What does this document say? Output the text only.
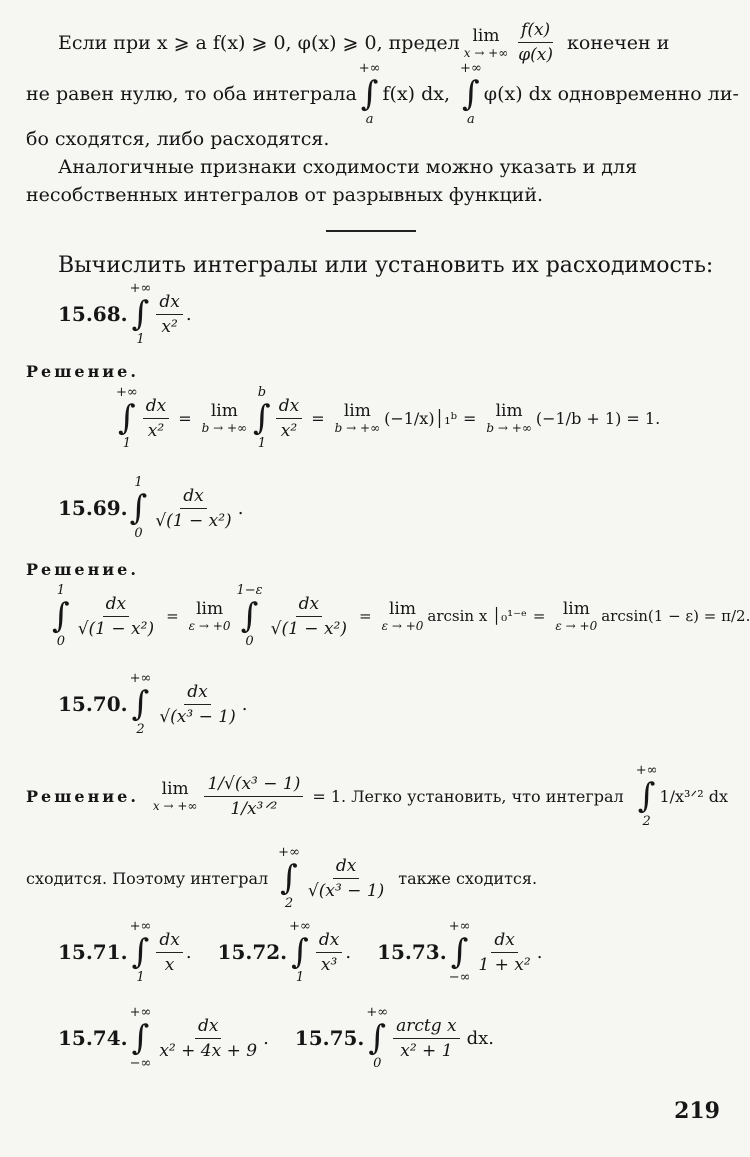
Если при x ⩾ a f(x) ⩾ 0, φ(x) ⩾ 0, предел lim
x → +∞ $\frac{f(x)}{\varphi(x)}$ конечен и
не равен нулю, то оба интеграла
+∞
∫
a
f(x) dx,
+∞
∫
a
φ(x) dx одновременно ли-
бо сходятся, либо расходятся.
Аналогичные признаки сходимости можно указать и для несобственных интегралов от разрывных функций.
Вычислить интегралы или установить их расходимость:
15.68.
+∞
∫
1
$\frac{dx}{\text{x²}}$ .
Решение.
+∞
∫
1
$\frac{dx}{\text{x²}} = \lim$
b → +∞
b
∫
1
$\frac{dx}{\text{x²}} = \lim$
b → +∞
(−1/x)│₁ᵇ = lim
b → +∞
(−1/b + 1) = 1.
15.69.
1
∫
0
$\frac{dx}{\text{√(1 − x²)}}$ .
Решение.
1
∫
0
$\frac{dx}{\text{√(1 − x²)}} = \lim$
ε → +0
1−ε
∫
0
$\frac{dx}{\text{√(1 − x²)}} = \lim$
ε → +0
arcsin x │₀¹⁻ᵉ = lim
ε → +0
arcsin(1 − ε) = π/2.
15.70.
+∞
∫
2
$\frac{dx}{\text{√(x³ − 1)}}$ .
Решение. lim
x → +∞ $\frac{\text{1/√(x³ − 1)}}{\text{1/x³ᐟ²}} = 1$. Легко установить, что интеграл
+∞
∫
2
1/x³ᐟ² dx
сходится. Поэтому интеграл
+∞
∫
2
$\frac{dx}{\text{√(x³ − 1)}}$ также сходится.
15.71.
+∞
∫
1
$\frac{dx}{x}$ . 15.72.
+∞
∫
1
$\frac{dx}{\text{x³}}$ . 15.73.
+∞
∫
−∞
$\frac{dx}{\text{1 + x²}}$ .
15.74.
+∞
∫
−∞
$\frac{dx}{\text{x² + 4x + 9}}$ . 15.75.
+∞
∫
0
$\frac{\text{arctg x}}{\text{x² + 1}}$ dx.
219
